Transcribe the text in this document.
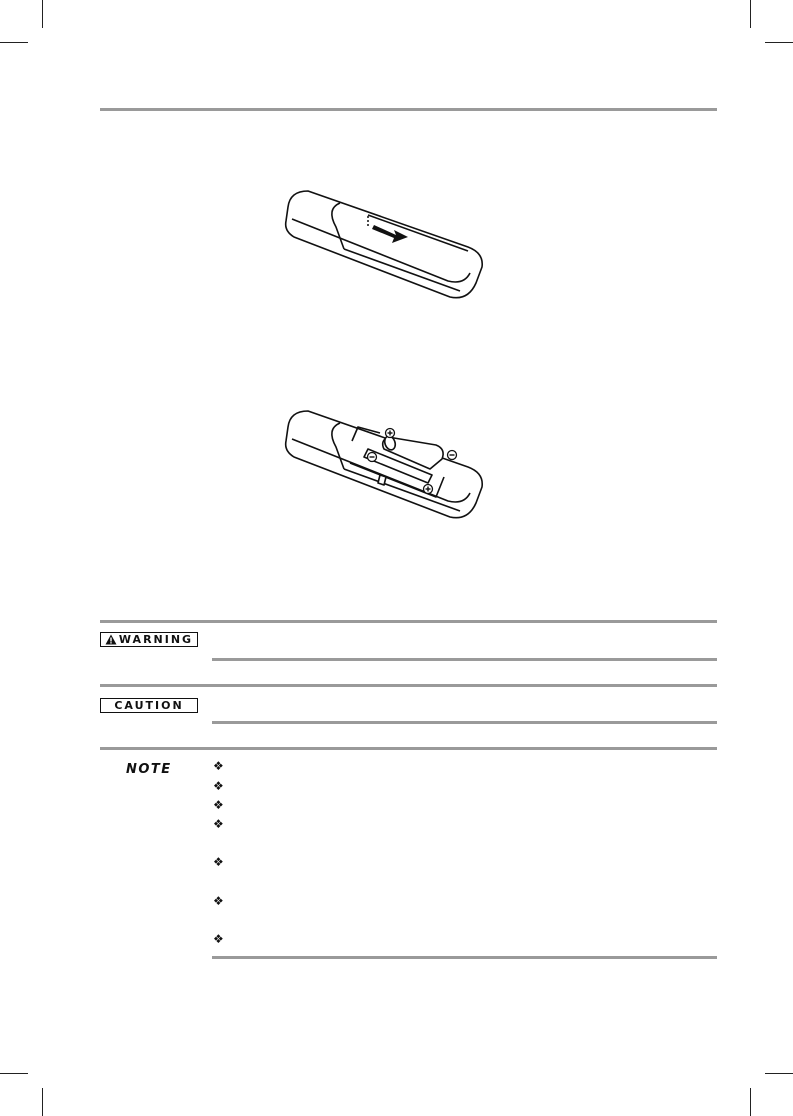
WARNING
CAUTION
NOTE	❖
❖
❖
❖
❖
❖
❖
